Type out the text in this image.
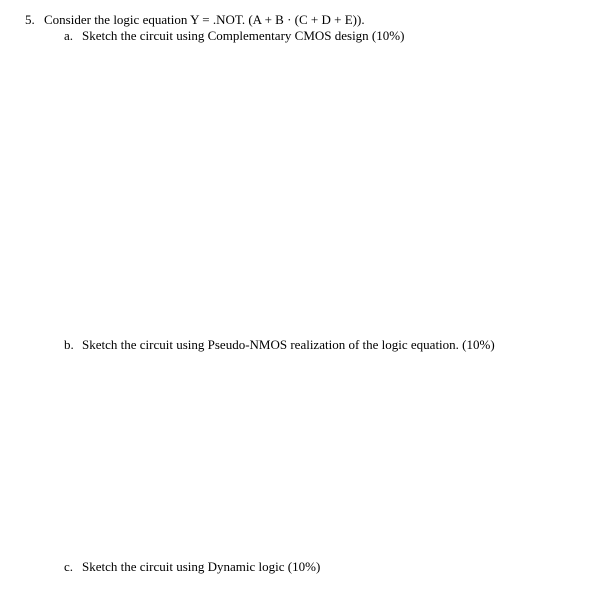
5. Consider the logic equation Y = .NOT. (A + B · (C + D + E)).
a. Sketch the circuit using Complementary CMOS design (10%)
b. Sketch the circuit using Pseudo-NMOS realization of the logic equation. (10%)
c. Sketch the circuit using Dynamic logic (10%)
